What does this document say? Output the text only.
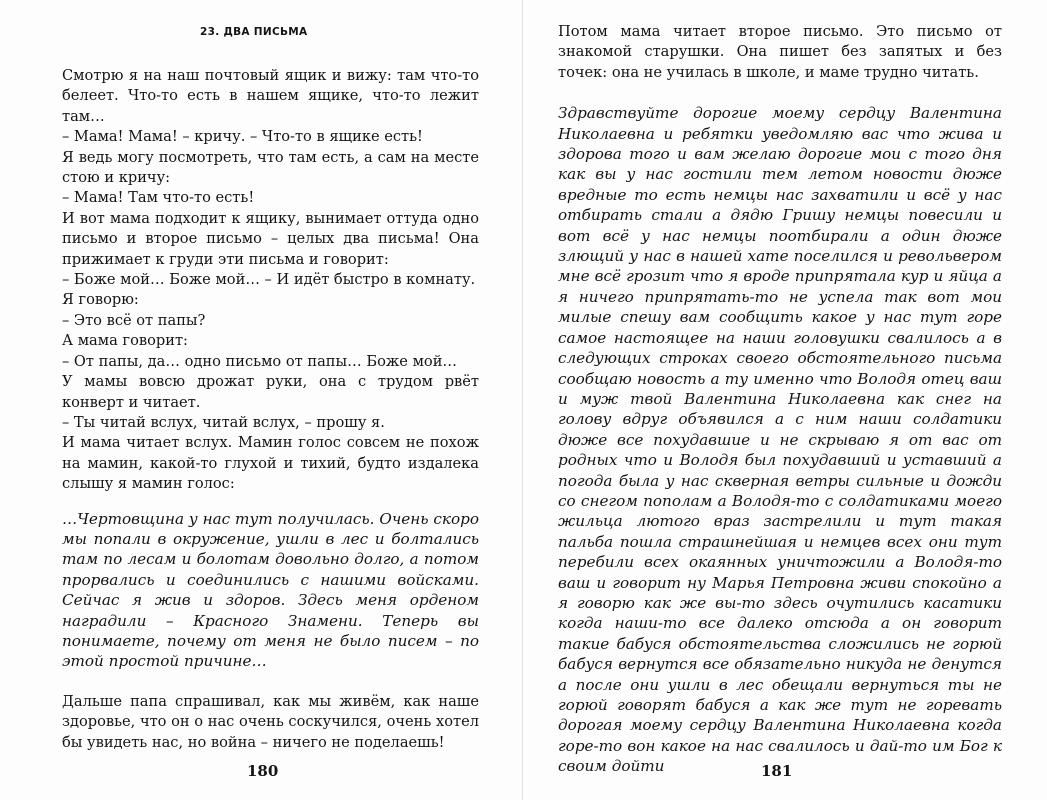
23. ДВА ПИСЬМА

Смотрю я на наш почтовый ящик и вижу: там что-то белеет. Что-то есть в нашем ящике, что-то лежит там…

– Мама! Мама! – кричу. – Что-то в ящике есть!

Я ведь могу посмотреть, что там есть, а сам на месте стою и кричу:

– Мама! Там что-то есть!

И вот мама подходит к ящику, вынимает оттуда одно письмо и второе письмо – целых два письма! Она прижимает к груди эти письма и говорит:

– Боже мой… Боже мой… – И идёт быстро в комнату.

Я говорю:

– Это всё от папы?

А мама говорит:

– От папы, да… одно письмо от папы… Боже мой…

У мамы вовсю дрожат руки, она с трудом рвёт конверт и читает.

– Ты читай вслух, читай вслух, – прошу я.

И мама читает вслух. Мамин голос совсем не похож на мамин, какой-то глухой и тихий, будто издалека слышу я мамин голос:

…Чертовщина у нас тут получилась. Очень скоро мы попали в окружение, ушли в лес и болтались там по лесам и болотам довольно долго, а потом прорвались и соединились с нашими войсками. Сейчас я жив и здоров. Здесь меня орденом наградили – Красного Знамени. Теперь вы понимаете, почему от меня не было писем – по этой простой причине…

Дальше папа спрашивал, как мы живём, как наше здоровье, что он о нас очень соскучился, очень хотел бы увидеть нас, но война – ничего не поделаешь!

180

Потом мама читает второе письмо. Это письмо от знакомой старушки. Она пишет без запятых и без точек: она не училась в школе, и маме трудно читать.

Здравствуйте дорогие моему сердцу Валентина Николаевна и ребятки уведомляю вас что жива и здорова того и вам желаю дорогие мои с того дня как вы у нас гостили тем летом новости дюже вредные то есть немцы нас захватили и всё у нас отбирать стали а дядю Гришу немцы повесили и вот всё у нас немцы поотбирали а один дюже злющий у нас в нашей хате поселился и револьвером мне всё грозит что я вроде припрятала кур и яйца а я ничего припрятать-то не успела так вот мои милые спешу вам сообщить какое у нас тут горе самое настоящее на наши головушки свалилось а в следующих строках своего обстоятельного письма сообщаю новость а ту именно что Володя отец ваш и муж твой Валентина Николаевна как снег на голову вдруг объявился а с ним наши солдатики дюже все похудавшие и не скрываю я от вас от родных что и Володя был похудавший и уставший а погода была у нас скверная ветры сильные и дожди со снегом пополам а Володя-то с солдатиками моего жильца лютого враз застрелили и тут такая пальба пошла страшнейшая и немцев всех они тут перебили всех окаянных уничтожили а Володя-то ваш и говорит ну Марья Петровна живи спокойно а я говорю как же вы-то здесь очутились касатики когда наши-то все далеко отсюда а он говорит такие бабуся обстоятельства сложились не горюй бабуся вернутся все обязательно никуда не денутся а после они ушли в лес обещали вернуться ты не горюй говорят бабуся а как же тут не горевать дорогая моему сердцу Валентина Николаевна когда горе-то вон какое на нас свалилось и дай-то им Бог к своим дойти	181
